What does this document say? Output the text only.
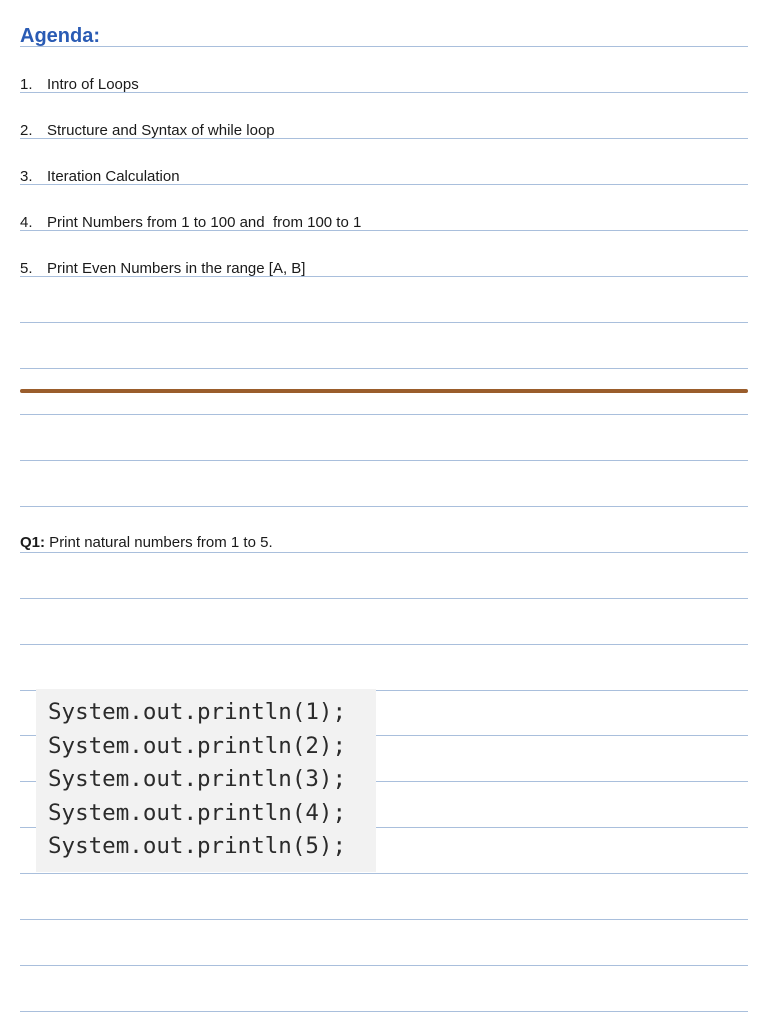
Agenda:
1. Intro of Loops
2. Structure and Syntax of while loop
3. Iteration Calculation
4. Print Numbers from 1 to 100 and  from 100 to 1
5. Print Even Numbers in the range [A, B]
Q1: Print natural numbers from 1 to 5.
System.out.println(1);
System.out.println(2);
System.out.println(3);
System.out.println(4);
System.out.println(5);
